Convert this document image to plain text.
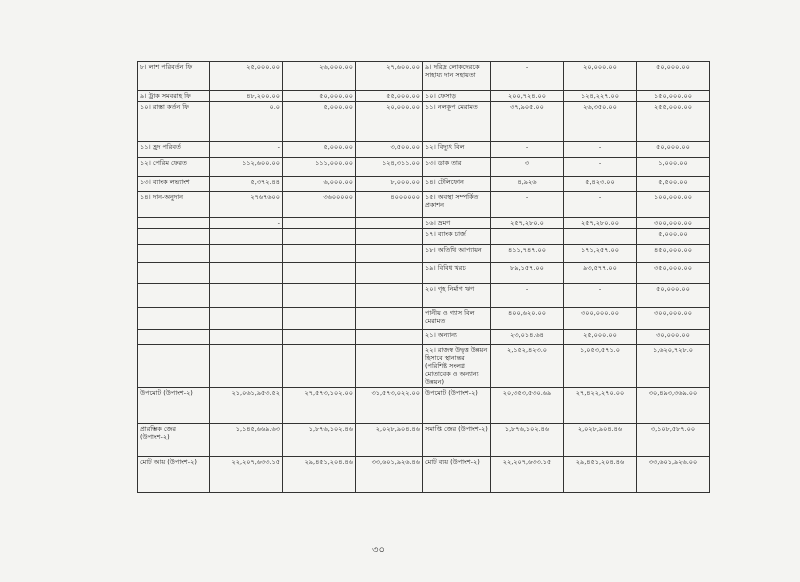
৮। লাশ পরিবর্তন ফি	২৫,০০০.০০	২৬,০০০.০০	২৭,৬০০.০০	৯। দরিদ্র লোকদেরকে সাহায্য দান সহায়তা	-	২০,০০০.০০	৫০,০০০.০০
৯। ট্রাক সমবরাহ ফি	৪৮,২০০.০০	৫০,০০০.০০	৫৫,০০০.০০	১০। ফেসাড়	২০০,৭২৪.০০	১২৪,২২৭.০০	১৫০,০০০.০০
১০। রাস্তা কর্তন ফি	০.০	৫,০০০.০০	২০,০০০.০০	১১। নলকূপ মেরামত	৩৭,৯০৫.০০	২৬,৩৫০.০০	২৫৫,০০০.০০
১১। হ্রদ পরিবর্ত	-	৫,০০০.০০	৩,৫০০.০০	১২। বিদ্যুৎ বিল	-	-	৫০,০০০.০০
১২। পেরিম ফেরত	১১২,৬০০.০০	১১১,০০০.০০	১২৪,৩১১.০০	১৩। ডাক তার	৩	-	১,০০০.০০
১৩। ব্যাংক লভ্যাংশ	৫,৩৭২.৪৪	৬,০০০.০০	৮,০০০.০০	১৪। টেলিফোন	৪,৯২৬	৫,৪২৩.০০	৫,৫০০.০০
১৪। দান-অনুদান	২৭৬৭৬০০	৩৬০০০০০	৪০০০০০০	১৫। অবস্থা সম্পর্কিত প্রকাশন	-	-	১০০,০০০.০০
	-			১৬। ভ্রমণ	২৫৭,২৮০.০	২৫৭,২৮০.০০	৩০০,০০০.০০
				১৭। ব্যাংক চার্জ			৫,০০০.০০
				১৮। অতিথি আপ্যায়ন	৪১১,৭৪৭.০০	১৭১,২৫৭.০০	৪৫০,০০০.০০
				১৯। বিবিধ খরচ	৮৯,১৫৭.০০	৯৩,৫৭৭.০০	৩৫০,০০০.০০
				২০। গৃহ নির্মাণ ঋণ	-	-	৫০,০০০.০০
				পানীয় ও গ্যাস বিল মেরামত	৪০০,৬২০.০০	৩০০,০০০.০০	৩০০,০০০.০০
				২১। অন্যান্য	২৩,০১৪.৬৪	২৫,০০০.০০	৩০,০০০.০০
				২২। রাজস্ব উদ্বৃত্ত উন্নয়ন হিসাবে স্থানান্তর (পরিশিষ্ট সংলগ্ন মোতাবেক ও অন্যান্য উন্নয়ন)	২,১৫২,৪২৩.০	১,০৫৩,৫৭১.০	১,৬২০,৭২৮.০
উপমোট (উপাংশ-২)	২১,০৬১,৯৫৩.৫২	২৭,৫৭৩,১০২.০০	৩১,৫৭৩,০২২.০০	উপমোট (উপাংশ-২)	২০,৩৫৩,৫৩০.৬৯	২৭,৪২২,২৭০.০০	৩০,৪৯৩,৩৬৯.০০
প্রারম্ভিক জের (উপাংশ-২)	১,১৪৫,৬৬৯.৬৩	১,৮৭৬,১০২.৪৬	২,০২৮,৯০৪.৪৬	সমাপ্তি জের (উপাংশ-২)	১,৮৭৬,১০২.৪৬	২,০২৮,৯০৪.৪৬	৩,১০৮,৫৮৭.০০
মোট আয় (উপাংশ-২)	২২,২০৭,৬৩৩.১৫	২৯,৪৫১,২০৪.৪৬	৩৩,৬০১,৯২৬.৪৬	মোট ব্যয় (উপাংশ-২)	২২,২০৭,৬৩৩.১৫	২৯,৪৫১,২০৪.৪৬	৩৩,৬০১,৯২৬.০০
৩০
